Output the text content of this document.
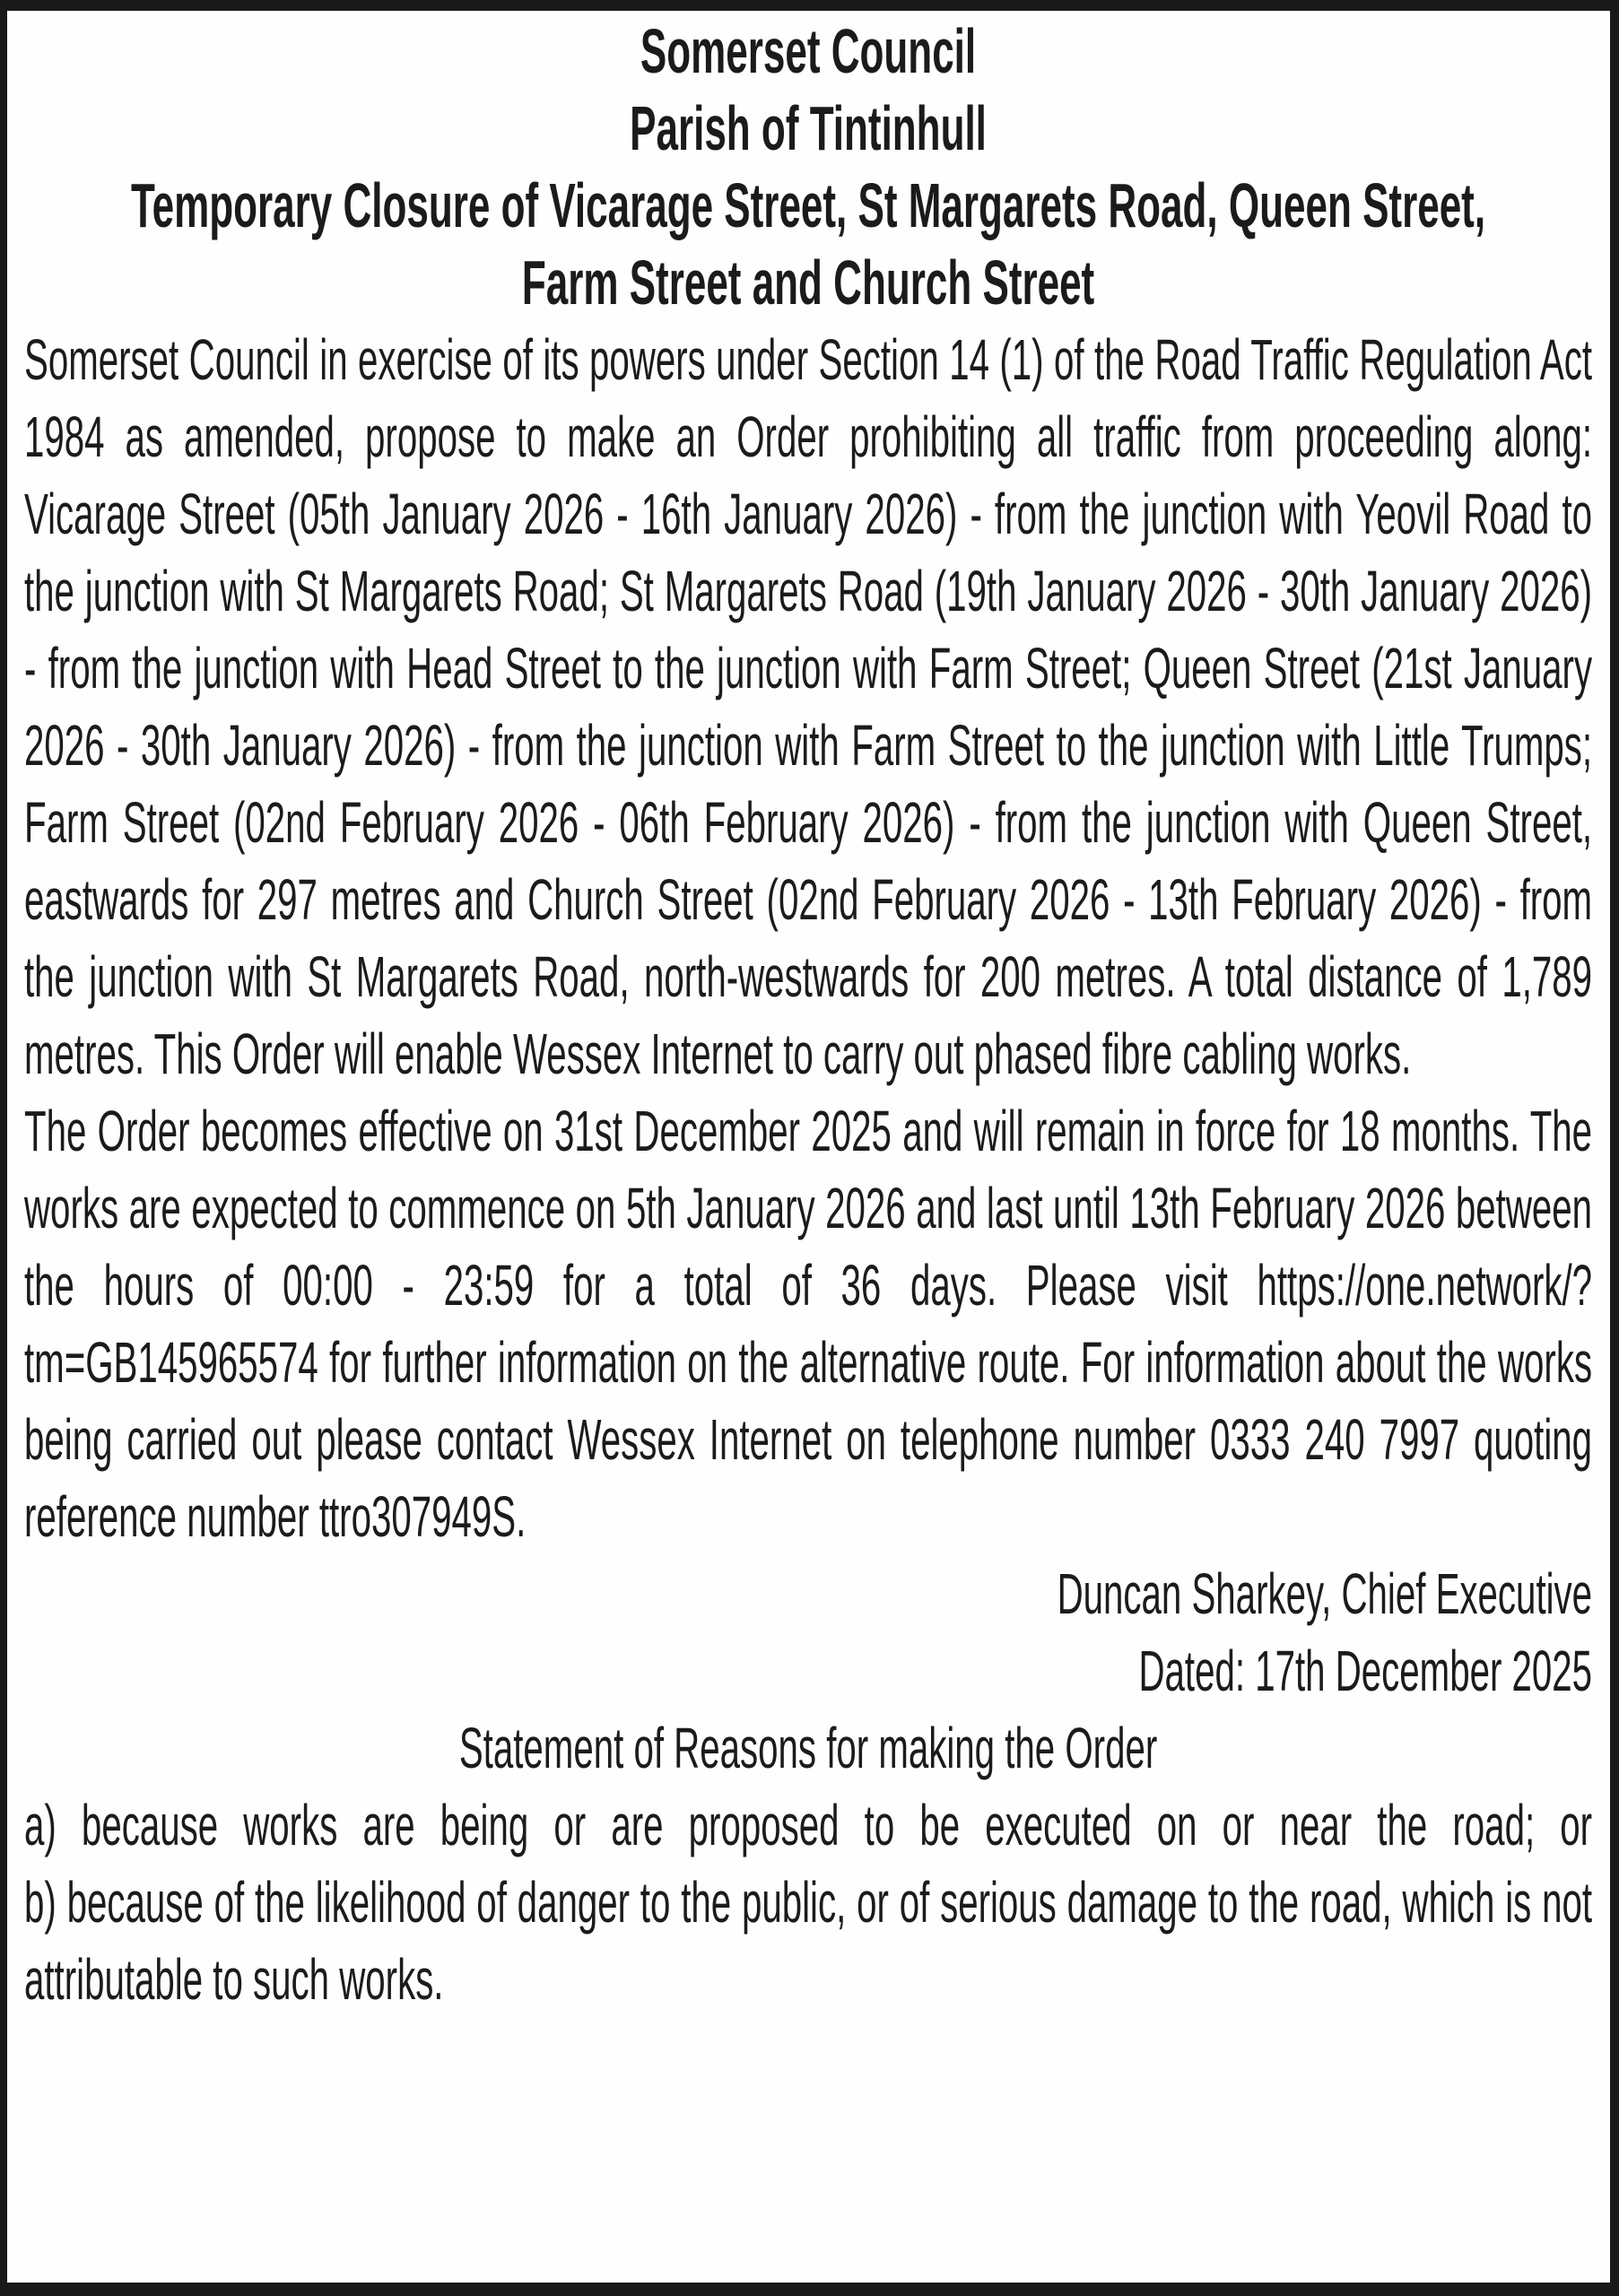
Somerset Council
Parish of Tintinhull
Temporary Closure of Vicarage Street, St Margarets Road, Queen Street,
Farm Street and Church Street

Somerset Council in exercise of its powers under Section 14 (1) of the Road Traffic Regulation Act 1984 as amended, propose to make an Order prohibiting all traffic from proceeding along: Vicarage Street (05th January 2026 - 16th January 2026) - from the junction with Yeovil Road to the junction with St Margarets Road; St Margarets Road (19th January 2026 - 30th January 2026) - from the junction with Head Street to the junction with Farm Street; Queen Street (21st January 2026 - 30th January 2026) - from the junction with Farm Street to the junction with Little Trumps; Farm Street (02nd February 2026 - 06th February 2026) - from the junction with Queen Street, eastwards for 297 metres and Church Street (02nd February 2026 - 13th February 2026) - from the junction with St Margarets Road, north-westwards for 200 metres. A total distance of 1,789 metres. This Order will enable Wessex Internet to carry out phased fibre cabling works.

The Order becomes effective on 31st December 2025 and will remain in force for 18 months. The works are expected to commence on 5th January 2026 and last until 13th February 2026 between the hours of 00:00 - 23:59 for a total of 36 days. Please visit https://one.network/?tm=GB145965574 for further information on the alternative route. For information about the works being carried out please contact Wessex Internet on telephone number 0333 240 7997 quoting reference number ttro307949S.

Duncan Sharkey, Chief Executive

Dated: 17th December 2025

Statement of Reasons for making the Order

a) because works are being or are proposed to be executed on or near the road; or

b) because of the likelihood of danger to the public, or of serious damage to the road, which is not attributable to such works.
